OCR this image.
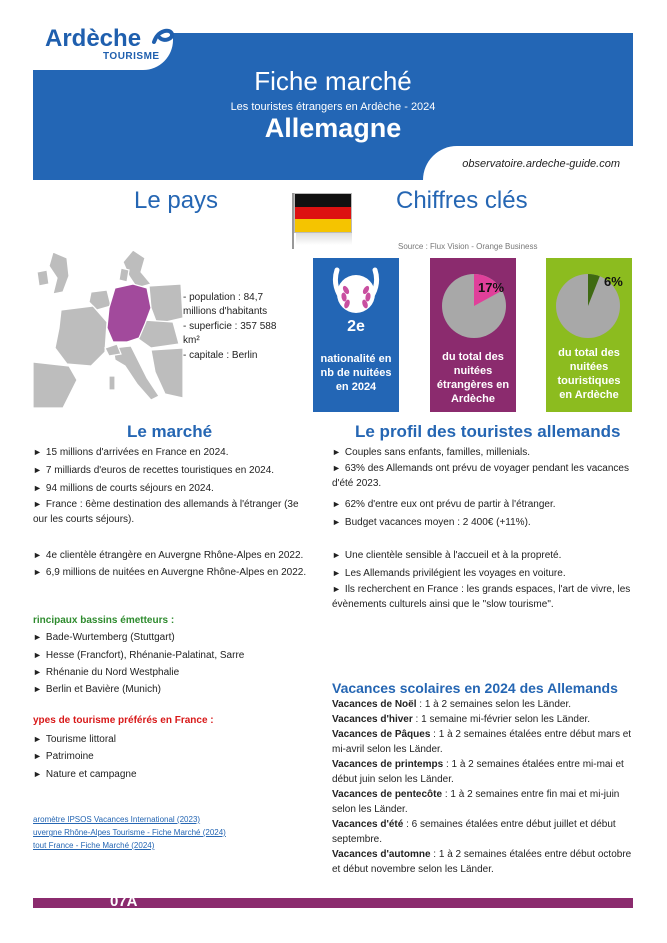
Ardèche
TOURISME
Fiche marché
Les touristes étrangers en Ardèche - 2024
Allemagne
observatoire.ardeche-guide.com
Le pays	Chiffres clés
Source : Flux Vision - Orange Business
- population : 84,7
millions d'habitants
- superficie : 357 588
km²
- capitale : Berlin
2e
nationalité en
nb de nuitées
en 2024
17%
du total des
nuitées
étrangères en
Ardèche
6%
du total des
nuitées
touristiques
en Ardèche
Le marché
► 15 millions d'arrivées en France en 2024.
► 7 milliards d'euros de recettes touristiques en 2024.
► 94 millions de courts séjours en 2024.
► France : 6ème destination des allemands à l'étranger (3e
our les courts séjours).
► 4e clientèle étrangère en Auvergne Rhône-Alpes en 2022.
► 6,9 millions de nuitées en Auvergne Rhône-Alpes en 2022.
rincipaux bassins émetteurs :
► Bade-Wurtemberg (Stuttgart)
► Hesse (Francfort), Rhénanie-Palatinat, Sarre
► Rhénanie du Nord Westphalie
► Berlin et Bavière (Munich)
ypes de tourisme préférés en France :
► Tourisme littoral
► Patrimoine
► Nature et campagne
aromètre IPSOS Vacances International (2023)
uvergne Rhône-Alpes Tourisme - Fiche Marché (2024)
tout France - Fiche Marché (2024)
Le profil des touristes allemands
► Couples sans enfants, familles, millenials.
► 63% des Allemands ont prévu de voyager pendant les vacances
d'été 2023.
► 62% d'entre eux ont prévu de partir à l'étranger.
► Budget vacances moyen : 2 400€ (+11%).
► Une clientèle sensible à l'accueil et à la propreté.
► Les Allemands privilégient les voyages en voiture.
► Ils recherchent en France : les grands espaces, l'art de vivre, les
évènements culturels ainsi que le "slow tourisme".
Vacances scolaires en 2024 des Allemands
Vacances de Noël : 1 à 2 semaines selon les Länder.
Vacances d'hiver : 1 semaine mi-février selon les Länder.
Vacances de Pâques : 1 à 2 semaines étalées entre début mars et
mi-avril selon les Länder.
Vacances de printemps : 1 à 2 semaines étalées entre mi-mai et
début juin selon les Länder.
Vacances de pentecôte : 1 à 2 semaines entre fin mai et mi-juin
selon les Länder.
Vacances d'été : 6 semaines étalées entre début juillet et début
septembre.
Vacances d'automne : 1 à 2 semaines étalées entre début octobre
et début novembre selon les Länder.
07A
